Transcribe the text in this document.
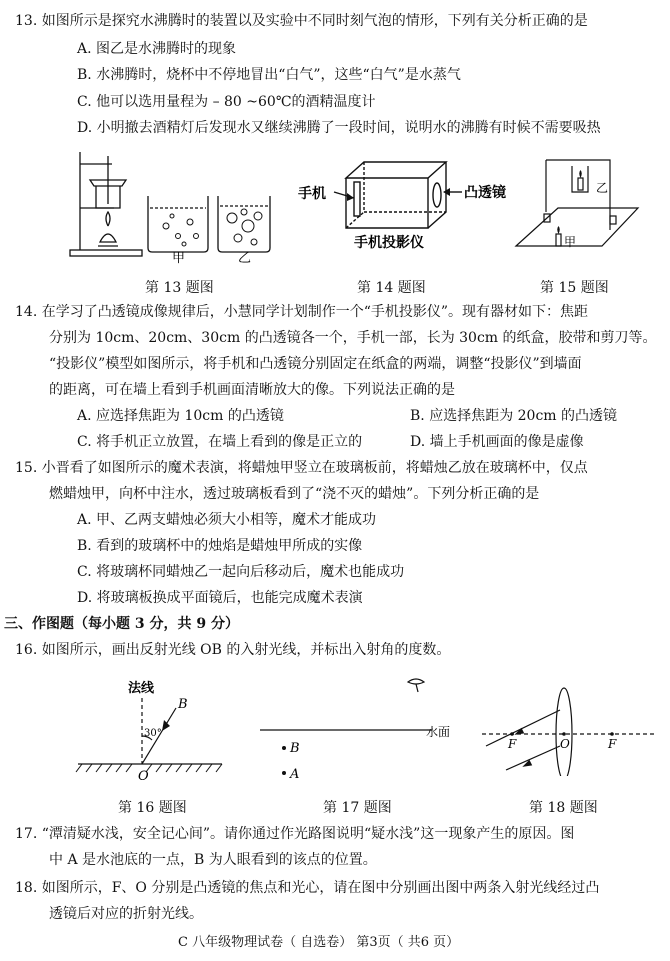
13. 如图所示是探究水沸腾时的装置以及实验中不同时刻气泡的情形，下列有关分析正确的是
A. 图乙是水沸腾时的现象
B. 水沸腾时，烧杯中不停地冒出“白气”，这些“白气”是水蒸气
C. 他可以选用量程为 – 80 ~60℃的酒精温度计
D. 小明撤去酒精灯后发现水又继续沸腾了一段时间，说明水的沸腾有时候不需要吸热
甲	乙
手机	凸透镜
手机投影仪
乙
甲
第 13 题图	第 14 题图	第 15 题图
14. 在学习了凸透镜成像规律后，小慧同学计划制作一个“手机投影仪”。现有器材如下：焦距
分别为 10cm、20cm、30cm 的凸透镜各一个，手机一部，长为 30cm 的纸盒，胶带和剪刀等。
“投影仪”模型如图所示，将手机和凸透镜分别固定在纸盒的两端，调整“投影仪”到墙面
的距离，可在墙上看到手机画面清晰放大的像。下列说法正确的是
A. 应选择焦距为 10cm 的凸透镜	B. 应选择焦距为 20cm 的凸透镜
C. 将手机正立放置，在墙上看到的像是正立的	D. 墙上手机画面的像是虚像
15. 小晋看了如图所示的魔术表演，将蜡烛甲竖立在玻璃板前，将蜡烛乙放在玻璃杯中，仅点
燃蜡烛甲，向杯中注水，透过玻璃板看到了“浇不灭的蜡烛”。下列分析正确的是
A. 甲、乙两支蜡烛必须大小相等，魔术才能成功
B. 看到的玻璃杯中的烛焰是蜡烛甲所成的实像
C. 将玻璃杯同蜡烛乙一起向后移动后，魔术也能成功
D. 将玻璃板换成平面镜后，也能完成魔术表演
三、作图题（每小题 3 分，共 9 分）
16. 如图所示，画出反射光线 OB 的入射光线，并标出入射角的度数。
法线
B
30°
O
水面
B
A
F	O	F
第 16 题图	第 17 题图	第 18 题图
17. “潭清疑水浅，安全记心间”。请你通过作光路图说明“疑水浅”这一现象产生的原因。图
中 A 是水池底的一点，B 为人眼看到的该点的位置。
18. 如图所示，F、O 分别是凸透镜的焦点和光心，请在图中分别画出图中两条入射光线经过凸
透镜后对应的折射光线。
C 八年级物理试卷（ 自选卷） 第3页（ 共6 页）
